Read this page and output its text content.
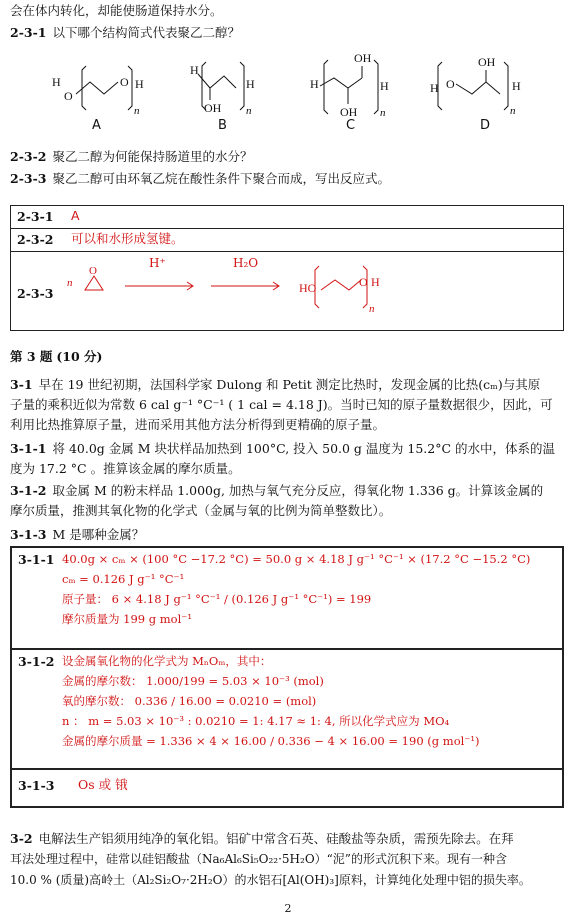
会在体内转化，却能使肠道保持水分。
2-3-1 以下哪个结构简式代表聚乙二醇？
H
O
O H
n
H
OH
H
n
H
OH
OH
H
n
H O
OH
H
n
A	B	C	D
2-3-2 聚乙二醇为何能保持肠道里的水分？
2-3-3 聚乙二醇可由环氧乙烷在酸性条件下聚合而成，写出反应式。
2-3-1 A
2-3-2 可以和水形成氢键。
2-3-3
n
O
HO	O H
n
H⁺	H₂O
第 3 题 (10 分)
3-1 早在 19 世纪初期，法国科学家 Dulong 和 Petit 测定比热时，发现金属的比热(cₘ)与其原
子量的乘积近似为常数 6 cal g⁻¹ °C⁻¹ ( 1 cal = 4.18 J)。当时已知的原子量数据很少，因此，可
利用比热推算原子量，进而采用其他方法分析得到更精确的原子量。
3-1-1 将 40.0g 金属 M 块状样品加热到 100°C, 投入 50.0 g 温度为 15.2°C 的水中，体系的温
度为 17.2 °C 。推算该金属的摩尔质量。
3-1-2 取金属 M 的粉末样品 1.000g, 加热与氧气充分反应，得氧化物 1.336 g。计算该金属的
摩尔质量，推测其氧化物的化学式（金属与氧的比例为简单整数比）。
3-1-3 M 是哪种金属？
3-1-1 40.0g × cₘ × (100 °C −17.2 °C) = 50.0 g × 4.18 J g⁻¹ °C⁻¹ × (17.2 °C −15.2 °C)
cₘ = 0.126 J g⁻¹ °C⁻¹
原子量： 6 × 4.18 J g⁻¹ °C⁻¹ / (0.126 J g⁻¹ °C⁻¹) = 199
摩尔质量为 199 g mol⁻¹
3-1-2 设金属氧化物的化学式为 MₙOₘ，其中：
金属的摩尔数： 1.000/199 = 5.03 × 10⁻³ (mol)
氧的摩尔数： 0.336 / 16.00 = 0.0210 = (mol)
n ： m = 5.03 × 10⁻³ : 0.0210 = 1: 4.17 ≈ 1: 4, 所以化学式应为 MO₄
金属的摩尔质量 = 1.336 × 4 × 16.00 / 0.336 − 4 × 16.00 = 190 (g mol⁻¹)
3-1-3 Os 或 锇
3-2 电解法生产铝须用纯净的氧化铝。铝矿中常含石英、硅酸盐等杂质，需预先除去。在拜
耳法处理过程中，硅常以硅铝酸盐（Na₆Al₆Si₅O₂₂·5H₂O）“泥”的形式沉积下来。现有一种含
10.0 % (质量)高岭土（Al₂Si₂O₇·2H₂O）的水铝石[Al(OH)₃]原料，计算纯化处理中铝的损失率。
2
